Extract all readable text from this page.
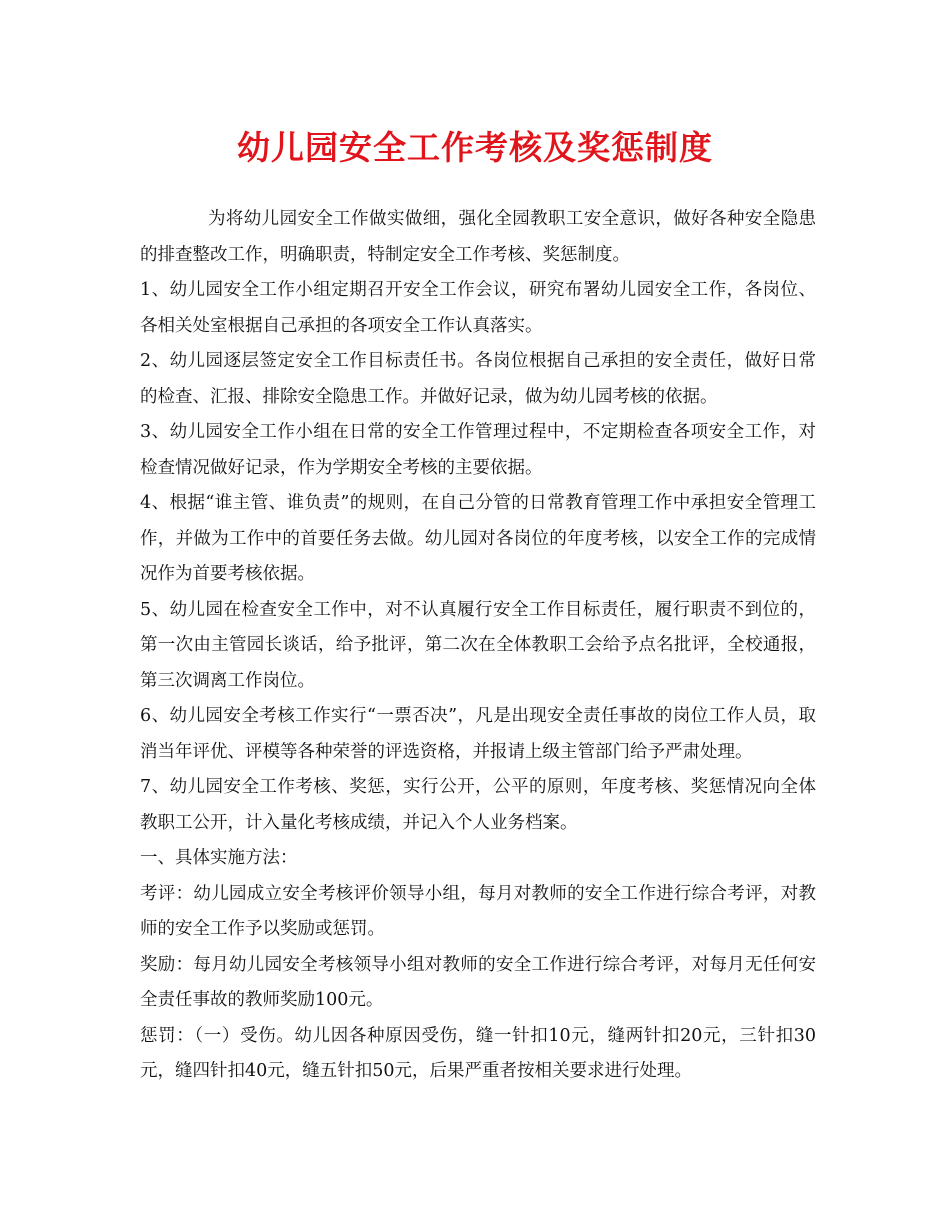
幼儿园安全工作考核及奖惩制度

为将幼儿园安全工作做实做细，强化全园教职工安全意识，做好各种安全隐患的排查整改工作，明确职责，特制定安全工作考核、奖惩制度。

1、幼儿园安全工作小组定期召开安全工作会议，研究布署幼儿园安全工作，各岗位、各相关处室根据自己承担的各项安全工作认真落实。

2、幼儿园逐层签定安全工作目标责任书。各岗位根据自己承担的安全责任，做好日常的检查、汇报、排除安全隐患工作。并做好记录，做为幼儿园考核的依据。

3、幼儿园安全工作小组在日常的安全工作管理过程中，不定期检查各项安全工作，对检查情况做好记录，作为学期安全考核的主要依据。

4、根据“谁主管、谁负责”的规则，在自己分管的日常教育管理工作中承担安全管理工作，并做为工作中的首要任务去做。幼儿园对各岗位的年度考核，以安全工作的完成情况作为首要考核依据。

5、幼儿园在检查安全工作中，对不认真履行安全工作目标责任，履行职责不到位的，第一次由主管园长谈话，给予批评，第二次在全体教职工会给予点名批评，全校通报，第三次调离工作岗位。

6、幼儿园安全考核工作实行“一票否决”，凡是出现安全责任事故的岗位工作人员，取消当年评优、评模等各种荣誉的评选资格，并报请上级主管部门给予严肃处理。

7、幼儿园安全工作考核、奖惩，实行公开，公平的原则，年度考核、奖惩情况向全体教职工公开，计入量化考核成绩，并记入个人业务档案。

一、具体实施方法：

考评：幼儿园成立安全考核评价领导小组，每月对教师的安全工作进行综合考评，对教师的安全工作予以奖励或惩罚。

奖励：每月幼儿园安全考核领导小组对教师的安全工作进行综合考评，对每月无任何安全责任事故的教师奖励100元。

惩罚：（一）受伤。幼儿因各种原因受伤，缝一针扣10元，缝两针扣20元，三针扣30元，缝四针扣40元，缝五针扣50元，后果严重者按相关要求进行处理。
